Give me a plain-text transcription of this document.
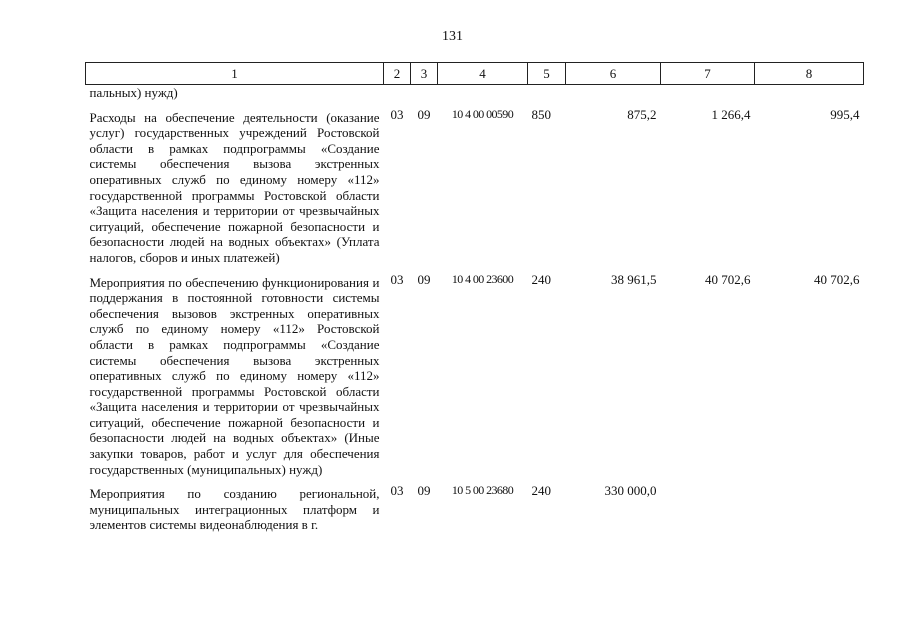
131
1	2	3	4	5	6	7	8
пальных) нужд)							
Расходы на обеспечение деятельности (оказание услуг) государственных учреждений Ростовской области в рамках подпрограммы «Создание системы обеспечения вызова экстренных оперативных служб по единому номеру «112» государственной программы Ростовской области «Защита населения и территории от чрезвычайных ситуаций, обеспечение пожарной безопасности и безопасности людей на водных объектах» (Уплата налогов, сборов и иных платежей)	03	09	10 4 00 00590	850	875,2	1 266,4	995,4
Мероприятия по обеспечению функционирования и поддержания в постоянной готовности системы обеспечения вызовов экстренных оперативных служб по единому номеру «112» Ростовской области в рамках подпрограммы «Создание системы обеспечения вызова экстренных оперативных служб по единому номеру «112» государственной программы Ростовской области «Защита населения и территории от чрезвычайных ситуаций, обеспечение пожарной безопасности и безопасности людей на водных объектах» (Иные закупки товаров, работ и услуг для обеспечения государственных (муниципальных) нужд)	03	09	10 4 00 23600	240	38 961,5	40 702,6	40 702,6
Мероприятия по созданию региональной, муниципальных интеграционных платформ и элементов системы видеонаблюдения в г.	03	09	10 5 00 23680	240	330 000,0		
